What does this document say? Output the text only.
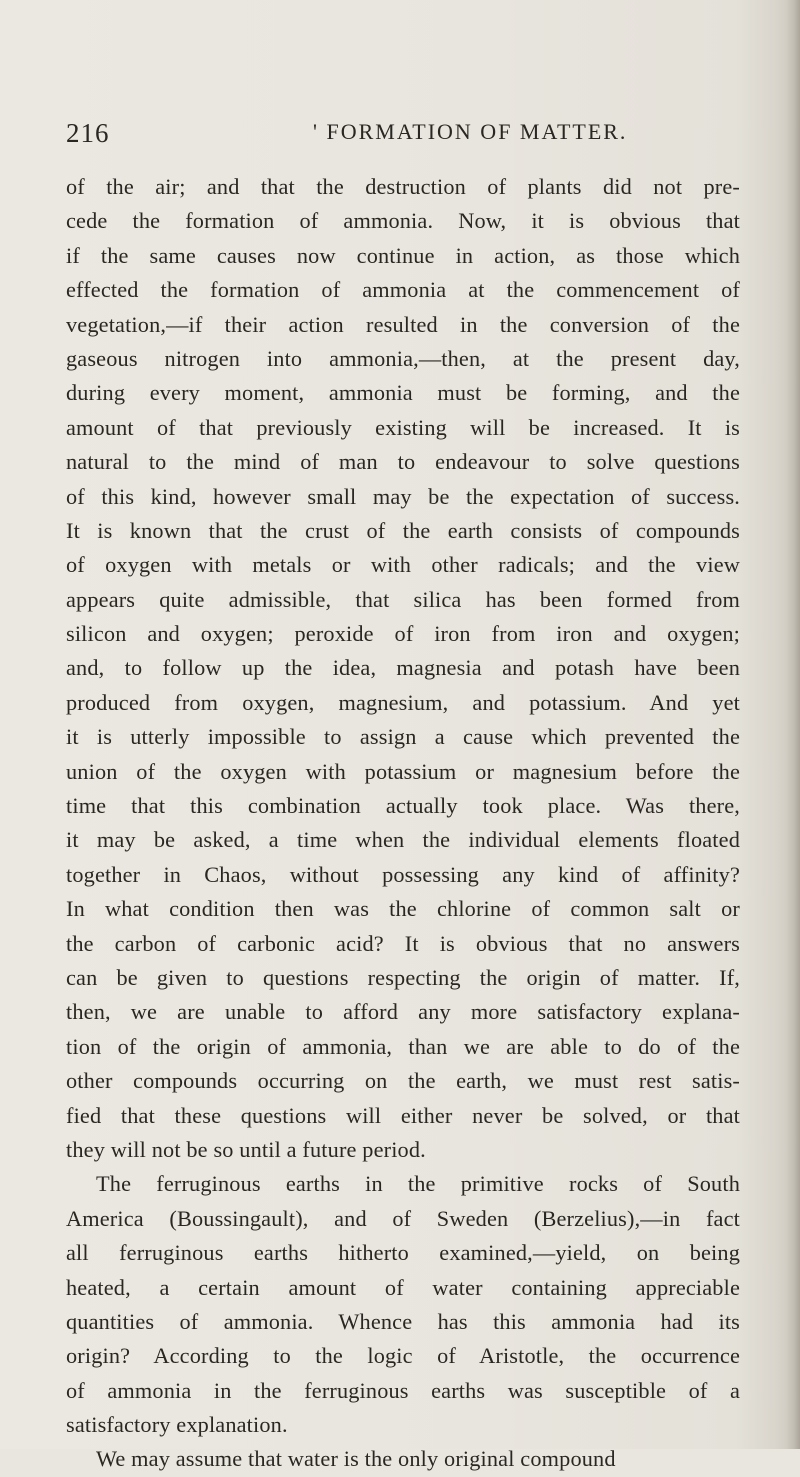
216	' FORMATION OF MATTER.
of the air; and that the destruction of plants did not pre-
cede the formation of ammonia. Now, it is obvious that
if the same causes now continue in action, as those which
effected the formation of ammonia at the commencement of
vegetation,—if their action resulted in the conversion of the
gaseous nitrogen into ammonia,—then, at the present day,
during every moment, ammonia must be forming, and the
amount of that previously existing will be increased. It is
natural to the mind of man to endeavour to solve questions
of this kind, however small may be the expectation of success.
It is known that the crust of the earth consists of compounds
of oxygen with metals or with other radicals; and the view
appears quite admissible, that silica has been formed from
silicon and oxygen; peroxide of iron from iron and oxygen;
and, to follow up the idea, magnesia and potash have been
produced from oxygen, magnesium, and potassium. And yet
it is utterly impossible to assign a cause which prevented the
union of the oxygen with potassium or magnesium before the
time that this combination actually took place. Was there,
it may be asked, a time when the individual elements floated
together in Chaos, without possessing any kind of affinity?
In what condition then was the chlorine of common salt or
the carbon of carbonic acid? It is obvious that no answers
can be given to questions respecting the origin of matter. If,
then, we are unable to afford any more satisfactory explana-
tion of the origin of ammonia, than we are able to do of the
other compounds occurring on the earth, we must rest satis-
fied that these questions will either never be solved, or that
they will not be so until a future period.
The ferruginous earths in the primitive rocks of South
America (Boussingault), and of Sweden (Berzelius),—in fact
all ferruginous earths hitherto examined,—yield, on being
heated, a certain amount of water containing appreciable
quantities of ammonia. Whence has this ammonia had its
origin? According to the logic of Aristotle, the occurrence
of ammonia in the ferruginous earths was susceptible of a
satisfactory explanation.
We may assume that water is the only original compound
